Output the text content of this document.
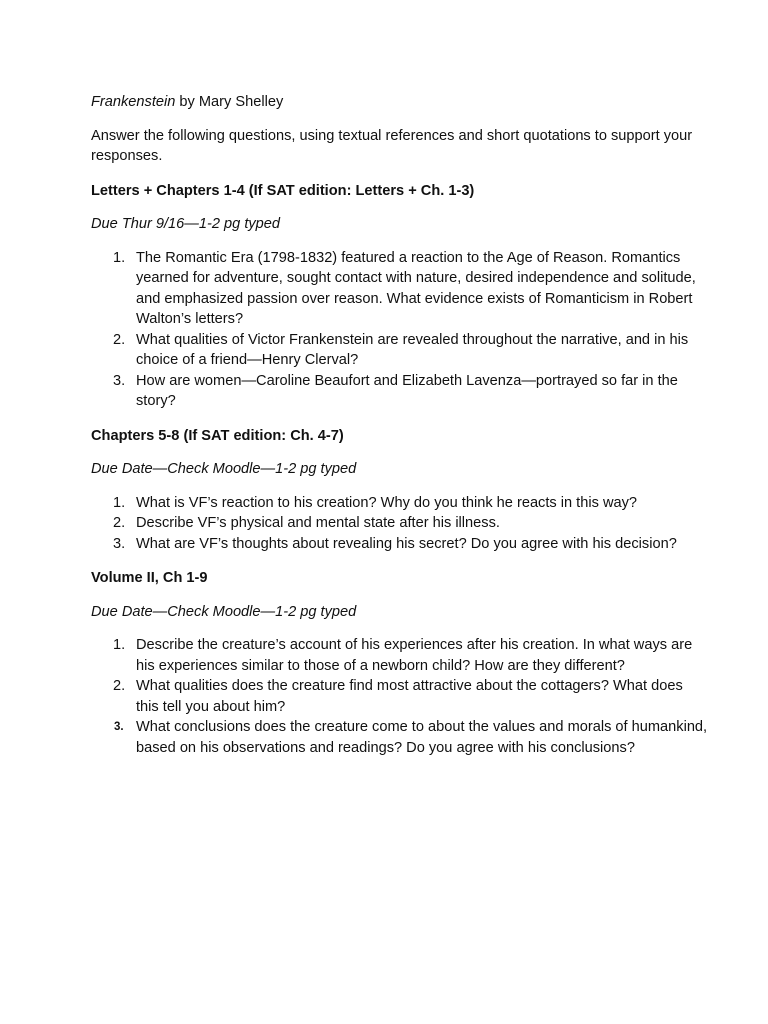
Frankenstein by Mary Shelley

Answer the following questions, using textual references and short quotations to support your responses.

Letters + Chapters 1-4 (If SAT edition: Letters + Ch. 1-3)

Due Thur 9/16—1-2 pg typed

1. The Romantic Era (1798-1832) featured a reaction to the Age of Reason. Romantics yearned for adventure, sought contact with nature, desired independence and solitude, and emphasized passion over reason. What evidence exists of Romanticism in Robert Walton’s letters?
2. What qualities of Victor Frankenstein are revealed throughout the narrative, and in his choice of a friend—Henry Clerval?
3. How are women—Caroline Beaufort and Elizabeth Lavenza—portrayed so far in the story?

Chapters 5-8 (If SAT edition: Ch. 4-7)

Due Date—Check Moodle—1-2 pg typed

1. What is VF’s reaction to his creation? Why do you think he reacts in this way?
2. Describe VF’s physical and mental state after his illness.
3. What are VF’s thoughts about revealing his secret? Do you agree with his decision?

Volume II, Ch 1-9

Due Date—Check Moodle—1-2 pg typed

1. Describe the creature’s account of his experiences after his creation. In what ways are his experiences similar to those of a newborn child? How are they different?
2. What qualities does the creature find most attractive about the cottagers? What does this tell you about him?
3. What conclusions does the creature come to about the values and morals of humankind, based on his observations and readings? Do you agree with his conclusions?
